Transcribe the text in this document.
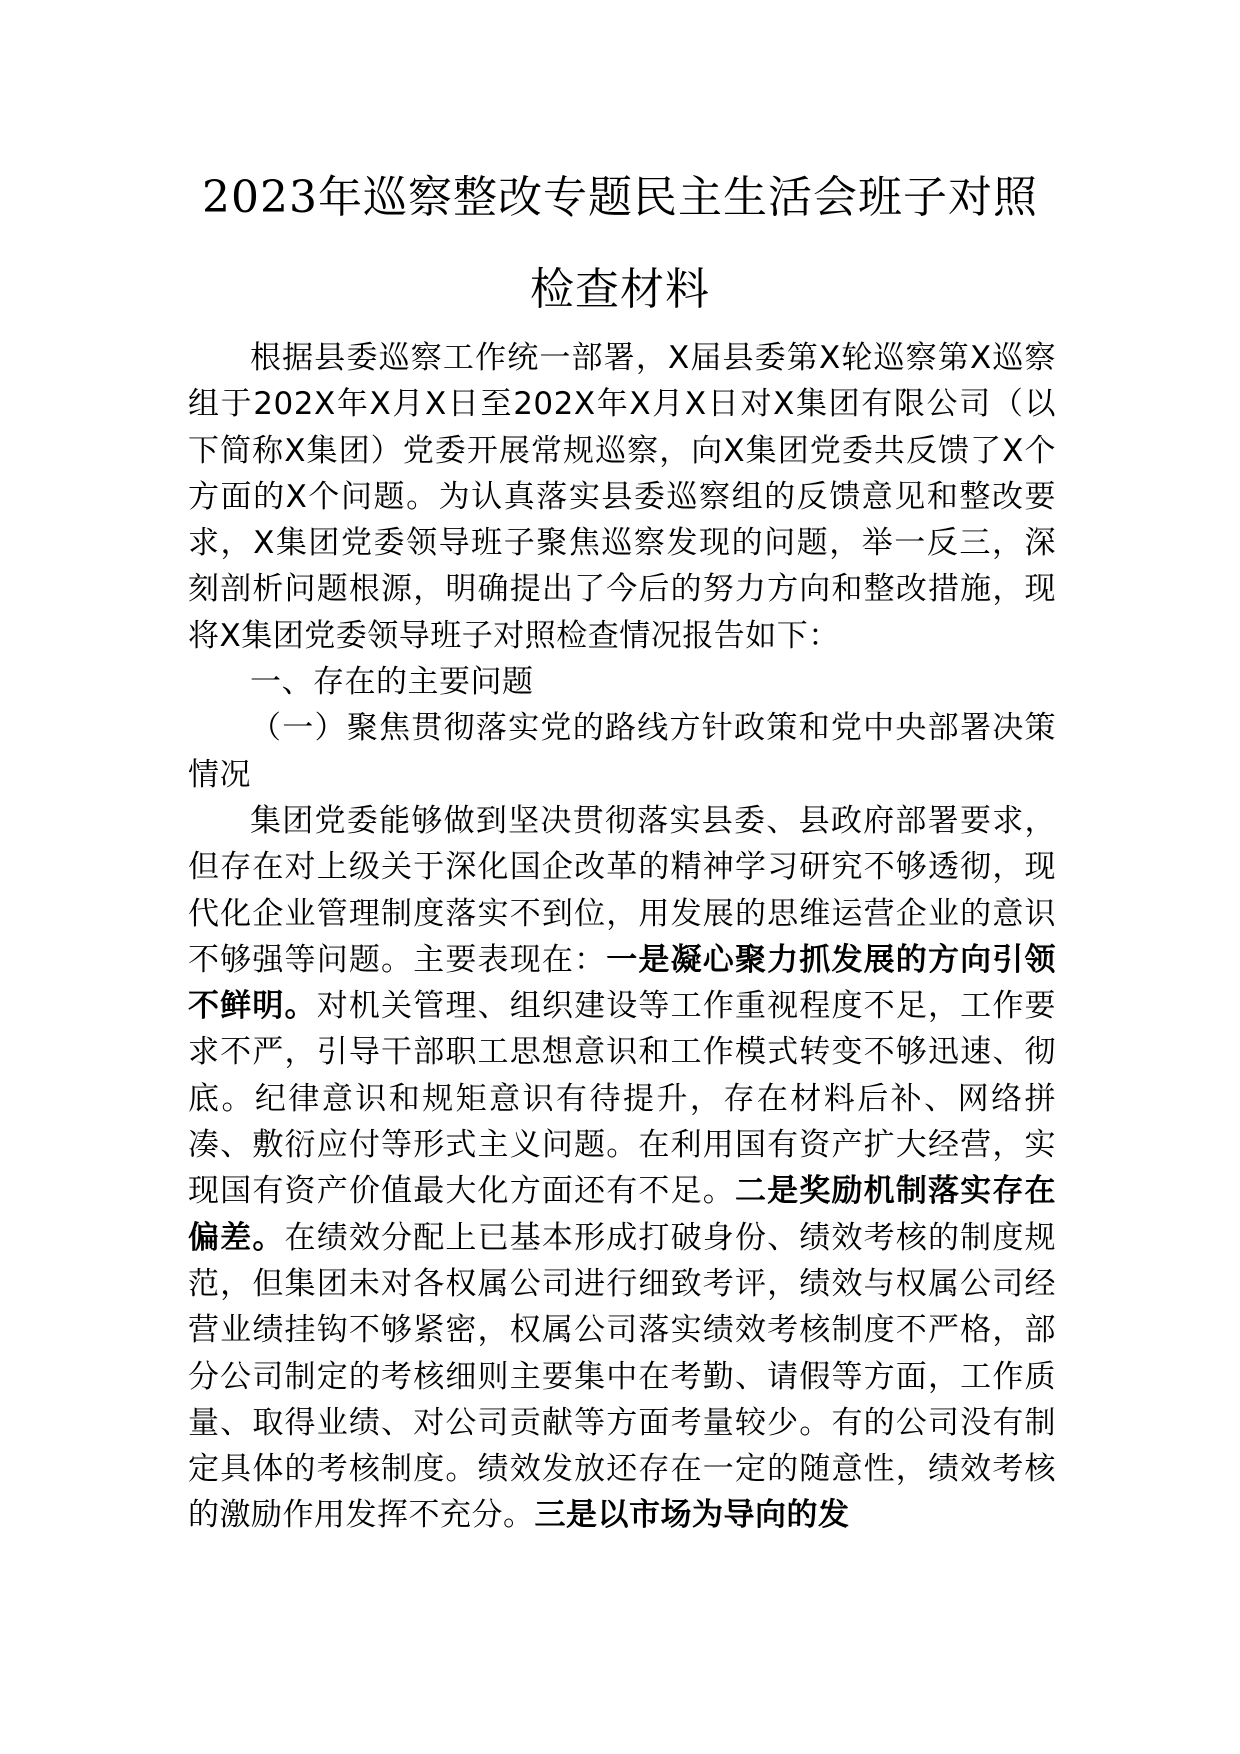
2023年巡察整改专题民主生活会班子对照
检查材料

根据县委巡察工作统一部署，X届县委第X轮巡察第X巡察组于202X年X月X日至202X年X月X日对X集团有限公司（以下简称X集团）党委开展常规巡察，向X集团党委共反馈了X个方面的X个问题。为认真落实县委巡察组的反馈意见和整改要求，X集团党委领导班子聚焦巡察发现的问题，举一反三，深刻剖析问题根源，明确提出了今后的努力方向和整改措施，现将X集团党委领导班子对照检查情况报告如下：

一、存在的主要问题

（一）聚焦贯彻落实党的路线方针政策和党中央部署决策情况

集团党委能够做到坚决贯彻落实县委、县政府部署要求，但存在对上级关于深化国企改革的精神学习研究不够透彻，现代化企业管理制度落实不到位，用发展的思维运营企业的意识不够强等问题。主要表现在：一是凝心聚力抓发展的方向引领不鲜明。对机关管理、组织建设等工作重视程度不足，工作要求不严，引导干部职工思想意识和工作模式转变不够迅速、彻底。纪律意识和规矩意识有待提升，存在材料后补、网络拼凑、敷衍应付等形式主义问题。在利用国有资产扩大经营，实现国有资产价值最大化方面还有不足。二是奖励机制落实存在偏差。在绩效分配上已基本形成打破身份、绩效考核的制度规范，但集团未对各权属公司进行细致考评，绩效与权属公司经营业绩挂钩不够紧密，权属公司落实绩效考核制度不严格，部分公司制定的考核细则主要集中在考勤、请假等方面，工作质量、取得业绩、对公司贡献等方面考量较少。有的公司没有制定具体的考核制度。绩效发放还存在一定的随意性，绩效考核的激励作用发挥不充分。三是以市场为导向的发
